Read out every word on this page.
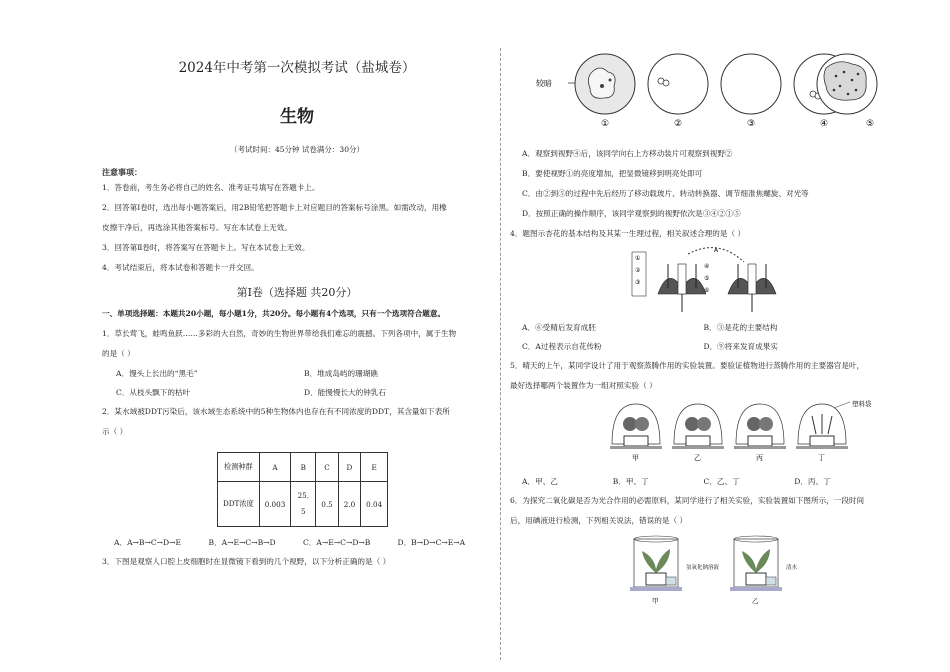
2024年中考第一次模拟考试（盐城卷）
生物
（考试时间：45分钟 试卷满分：30分）
注意事项：
1．答卷前，考生务必将自己的姓名、准考证号填写在答题卡上。
2．回答第Ⅰ卷时，选出每小题答案后，用2B铅笔把答题卡上对应题目的答案标号涂黑。如需改动，用橡
皮擦干净后，再选涂其他答案标号。写在本试卷上无效。
3．回答第Ⅱ卷时，将答案写在答题卡上。写在本试卷上无效。
4．考试结束后，将本试卷和答题卡一并交回。
第Ⅰ卷（选择题 共20分）
一、单项选择题：本题共20小题，每小题1分，共20分。每小题有4个选项，只有一个选项符合题意。
1．草长莺飞，蛙鸣鱼跃……多彩的大自然，奇妙的生物世界带给我们难忘的震撼。下列各项中，属于生物
的是（ ）
A．馒头上长出的“黑毛”	B．堆成岛屿的珊瑚礁
C．从枝头飘下的枯叶	D．能慢慢长大的钟乳石
2．某水域被DDT污染后，该水域生态系统中的5种生物体内也存在有不同浓度的DDT，其含量如下表所
示（ ）
检测种群	A	B	C	D	E
DDT浓度	0.003	25.5	0.5	2.0	0.04
A．A→B→C→D→E	B．A→E→C→B→D	C．A→E→C→D→B	D．B→D→C→E→A
3．下图是观察人口腔上皮细胞时在显微镜下看到的几个视野，以下分析正确的是（ ）
较暗
①	②	③	④	⑤
A．观察到视野④后，该同学向右上方移动装片可观察到视野②
B．要使视野①的亮度增加，把显微镜移到明亮处即可
C．由②到⑤的过程中先后经历了移动载玻片、转动转换器、调节细准焦螺旋、对光等
D．按照正确的操作顺序，该同学观察到的视野依次是③④②①⑤
4．题图示杏花的基本结构及其某一生理过程，相关叙述合理的是（ ）
①
②
③
A
④
⑤
⑥
A．⑥受精后发育成胚	B．③是花的主要结构
C．A过程表示自花传粉	D．⑨将来发育成果实
5．晴天的上午，某同学设计了用于观察蒸腾作用的实验装置。要验证植物进行蒸腾作用的主要器官是叶，
最好选择哪两个装置作为一组对照实验（ ）
塑料袋
甲	乙	丙	丁
A．甲、乙	B．甲、丁	C．乙、丁	D．丙、丁
6．为探究二氧化碳是否为光合作用的必需原料，某同学进行了相关实验，实验装置如下图所示，一段时间
后，用碘液进行检测，下列相关说法，错误的是（ ）
氢氧化钠溶液	清水
甲	乙
